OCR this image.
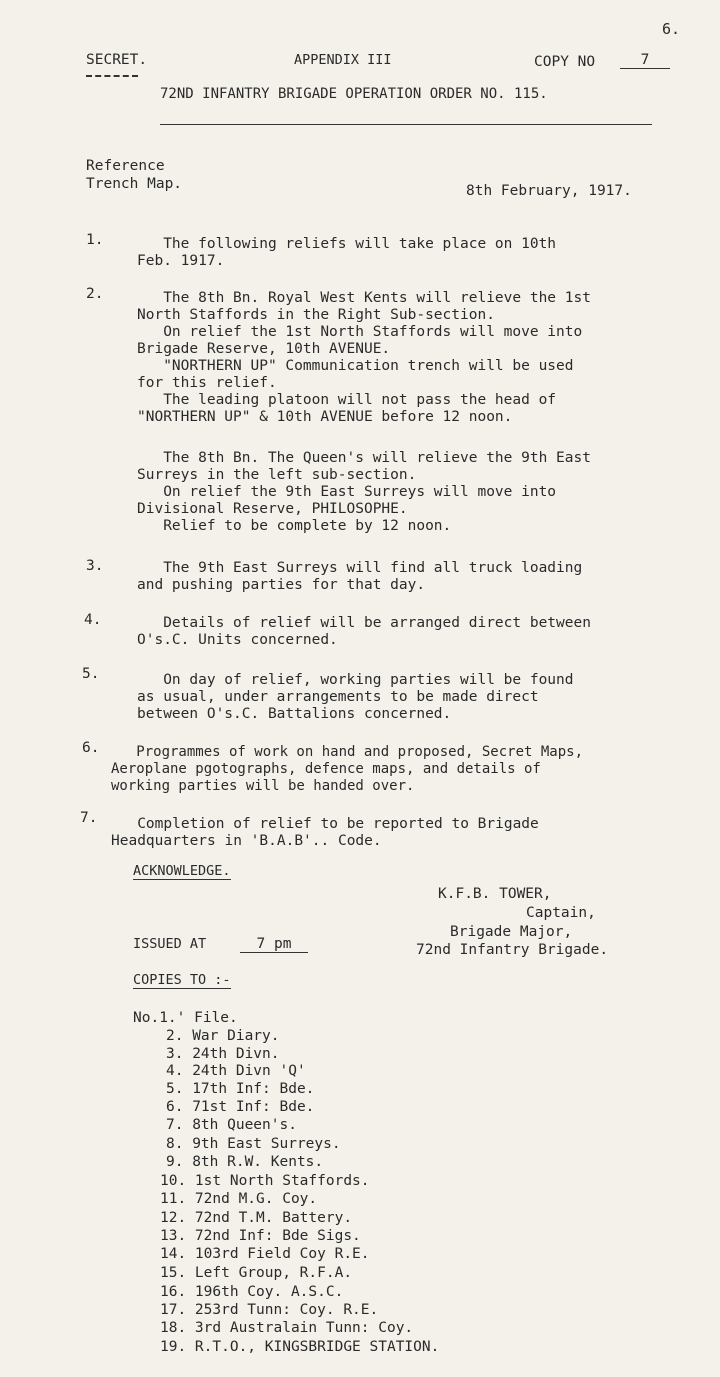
6.
SECRET.	APPENDIX III	COPY NO	7
72ND INFANTRY BRIGADE OPERATION ORDER NO. 115.
Reference
Trench Map.	8th February, 1917.
1.	The following reliefs will take place on 10th
Feb. 1917.
2.	The 8th Bn. Royal West Kents will relieve the 1st
North Staffords in the Right Sub-section.
On relief the 1st North Staffords will move into
Brigade Reserve, 10th AVENUE.
"NORTHERN UP" Communication trench will be used
for this relief.
The leading platoon will not pass the head of
"NORTHERN UP" & 10th AVENUE before 12 noon.
The 8th Bn. The Queen's will relieve the 9th East
Surreys in the left sub-section.
On relief the 9th East Surreys will move into
Divisional Reserve, PHILOSOPHE.
Relief to be complete by 12 noon.
3.	The 9th East Surreys will find all truck loading
and pushing parties for that day.
4.	Details of relief will be arranged direct between
O's.C. Units concerned.
5.	On day of relief, working parties will be found
as usual, under arrangements to be made direct
between O's.C. Battalions concerned.
6.	Programmes of work on hand and proposed, Secret Maps,
Aeroplane pgotographs, defence maps, and details of
working parties will be handed over.
7.	Completion of relief to be reported to Brigade
Headquarters in 'B.A.B'.. Code.
ACKNOWLEDGE.
K.F.B. TOWER,
Captain,
Brigade Major,
72nd Infantry Brigade.
ISSUED AT	7 pm
COPIES TO :-
No.1.' File.
2. War Diary.
3. 24th Divn.
4. 24th Divn 'Q'
5. 17th Inf: Bde.
6. 71st Inf: Bde.
7. 8th Queen's.
8. 9th East Surreys.
9. 8th R.W. Kents.
10. 1st North Staffords.
11. 72nd M.G. Coy.
12. 72nd T.M. Battery.
13. 72nd Inf: Bde Sigs.
14. 103rd Field Coy R.E.
15. Left Group, R.F.A.
16. 196th Coy. A.S.C.
17. 253rd Tunn: Coy. R.E.
18. 3rd Australain Tunn: Coy.
19. R.T.O., KINGSBRIDGE STATION.
